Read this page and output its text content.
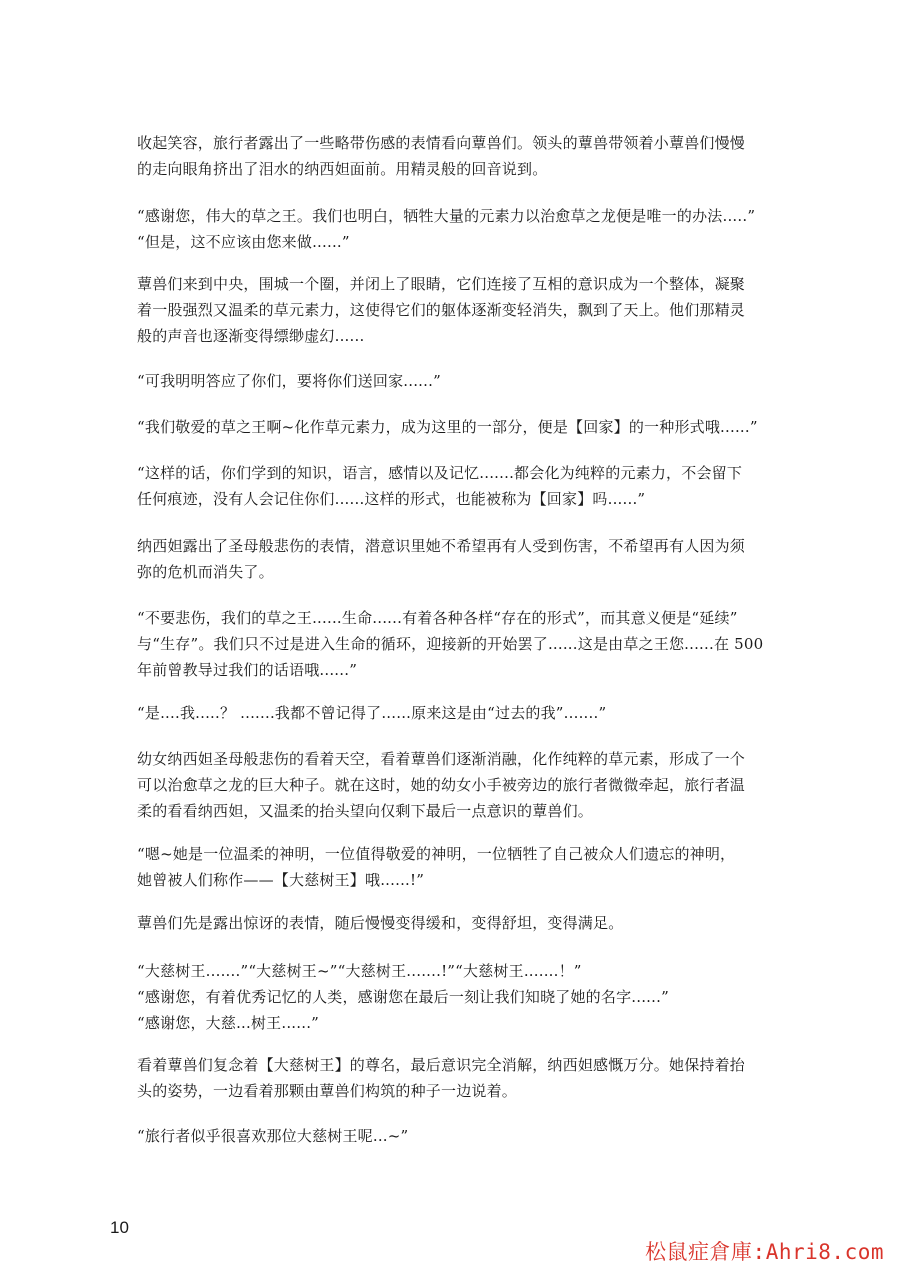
收起笑容，旅行者露出了一些略带伤感的表情看向蕈兽们。领头的蕈兽带领着小蕈兽们慢慢
的走向眼角挤出了泪水的纳西妲面前。用精灵般的回音说到。

“感谢您，伟大的草之王。我们也明白，牺牲大量的元素力以治愈草之龙便是唯一的办法.....”
“但是，这不应该由您来做......”

蕈兽们来到中央，围城一个圈，并闭上了眼睛，它们连接了互相的意识成为一个整体，凝聚
着一股强烈又温柔的草元素力，这使得它们的躯体逐渐变轻消失，飘到了天上。他们那精灵
般的声音也逐渐变得缥缈虚幻......

“可我明明答应了你们，要将你们送回家......”

“我们敬爱的草之王啊~化作草元素力，成为这里的一部分，便是【回家】的一种形式哦......”

“这样的话，你们学到的知识，语言，感情以及记忆.......都会化为纯粹的元素力，不会留下
任何痕迹，没有人会记住你们......这样的形式，也能被称为【回家】吗......”

纳西妲露出了圣母般悲伤的表情，潜意识里她不希望再有人受到伤害，不希望再有人因为须
弥的危机而消失了。

“不要悲伤，我们的草之王......生命......有着各种各样“存在的形式”，而其意义便是“延续”
与“生存”。我们只不过是进入生命的循环，迎接新的开始罢了......这是由草之王您......在 500
年前曾教导过我们的话语哦......”

“是....我.....？ .......我都不曾记得了......原来这是由“过去的我”.......”

幼女纳西妲圣母般悲伤的看着天空，看着蕈兽们逐渐消融，化作纯粹的草元素，形成了一个
可以治愈草之龙的巨大种子。就在这时，她的幼女小手被旁边的旅行者微微牵起，旅行者温
柔的看看纳西妲，又温柔的抬头望向仅剩下最后一点意识的蕈兽们。

“嗯~她是一位温柔的神明，一位值得敬爱的神明，一位牺牲了自己被众人们遗忘的神明，
她曾被人们称作——【大慈树王】哦......!”

蕈兽们先是露出惊讶的表情，随后慢慢变得缓和，变得舒坦，变得满足。

“大慈树王.......”“大慈树王~”“大慈树王.......!”“大慈树王.......！”
“感谢您，有着优秀记忆的人类，感谢您在最后一刻让我们知晓了她的名字......”
“感谢您，大慈...树王......”

看着蕈兽们复念着【大慈树王】的尊名，最后意识完全消解，纳西妲感慨万分。她保持着抬
头的姿势，一边看着那颗由蕈兽们构筑的种子一边说着。

“旅行者似乎很喜欢那位大慈树王呢...~”

10
松鼠症倉庫:Ahri8.com
